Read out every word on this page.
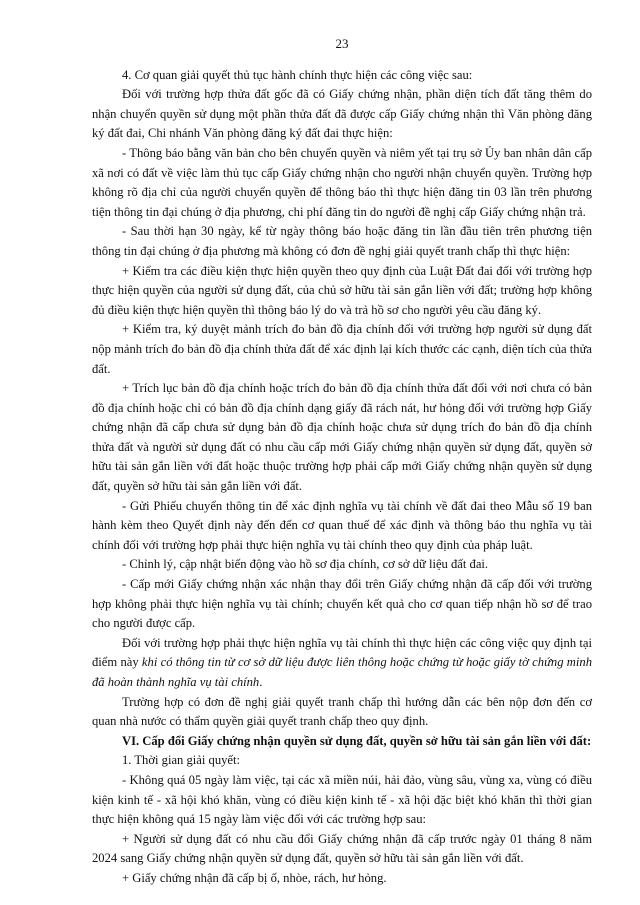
23

4. Cơ quan giải quyết thủ tục hành chính thực hiện các công việc sau:

Đối với trường hợp thửa đất gốc đã có Giấy chứng nhận, phần diện tích đất tăng thêm do nhận chuyển quyền sử dụng một phần thửa đất đã được cấp Giấy chứng nhận thì Văn phòng đăng ký đất đai, Chi nhánh Văn phòng đăng ký đất đai thực hiện:

- Thông báo bằng văn bản cho bên chuyển quyền và niêm yết tại trụ sở Ủy ban nhân dân cấp xã nơi có đất về việc làm thủ tục cấp Giấy chứng nhận cho người nhận chuyển quyền. Trường hợp không rõ địa chỉ của người chuyển quyền để thông báo thì thực hiện đăng tin 03 lần trên phương tiện thông tin đại chúng ở địa phương, chi phí đăng tin do người đề nghị cấp Giấy chứng nhận trả.

- Sau thời hạn 30 ngày, kể từ ngày thông báo hoặc đăng tin lần đầu tiên trên phương tiện thông tin đại chúng ở địa phương mà không có đơn đề nghị giải quyết tranh chấp thì thực hiện:

+ Kiểm tra các điều kiện thực hiện quyền theo quy định của Luật Đất đai đối với trường hợp thực hiện quyền của người sử dụng đất, của chủ sở hữu tài sản gắn liền với đất; trường hợp không đủ điều kiện thực hiện quyền thì thông báo lý do và trả hồ sơ cho người yêu cầu đăng ký.

+ Kiểm tra, ký duyệt mảnh trích đo bản đồ địa chính đối với trường hợp người sử dụng đất nộp mảnh trích đo bản đồ địa chính thửa đất để xác định lại kích thước các cạnh, diện tích của thửa đất.

+ Trích lục bản đồ địa chính hoặc trích đo bản đồ địa chính thửa đất đối với nơi chưa có bản đồ địa chính hoặc chỉ có bản đồ địa chính dạng giấy đã rách nát, hư hỏng đối với trường hợp Giấy chứng nhận đã cấp chưa sử dụng bản đồ địa chính hoặc chưa sử dụng trích đo bản đồ địa chính thửa đất và người sử dụng đất có nhu cầu cấp mới Giấy chứng nhận quyền sử dụng đất, quyền sở hữu tài sản gắn liền với đất hoặc thuộc trường hợp phải cấp mới Giấy chứng nhận quyền sử dụng đất, quyền sở hữu tài sản gắn liền với đất.

- Gửi Phiếu chuyển thông tin để xác định nghĩa vụ tài chính về đất đai theo Mẫu số 19 ban hành kèm theo Quyết định này đến đến cơ quan thuế để xác định và thông báo thu nghĩa vụ tài chính đối với trường hợp phải thực hiện nghĩa vụ tài chính theo quy định của pháp luật.

- Chỉnh lý, cập nhật biến động vào hồ sơ địa chính, cơ sở dữ liệu đất đai.

- Cấp mới Giấy chứng nhận xác nhận thay đổi trên Giấy chứng nhận đã cấp đối với trường hợp không phải thực hiện nghĩa vụ tài chính; chuyển kết quả cho cơ quan tiếp nhận hồ sơ để trao cho người được cấp.

Đối với trường hợp phải thực hiện nghĩa vụ tài chính thì thực hiện các công việc quy định tại điểm này khi có thông tin từ cơ sở dữ liệu được liên thông hoặc chứng từ hoặc giấy tờ chứng minh đã hoàn thành nghĩa vụ tài chính.

Trường hợp có đơn đề nghị giải quyết tranh chấp thì hướng dẫn các bên nộp đơn đến cơ quan nhà nước có thẩm quyền giải quyết tranh chấp theo quy định.

VI. Cấp đổi Giấy chứng nhận quyền sử dụng đất, quyền sở hữu tài sản gắn liền với đất:

1. Thời gian giải quyết:

- Không quá 05 ngày làm việc, tại các xã miền núi, hải đảo, vùng sâu, vùng xa, vùng có điều kiện kinh tế - xã hội khó khăn, vùng có điều kiện kinh tế - xã hội đặc biệt khó khăn thì thời gian thực hiện không quá 15 ngày làm việc đối với các trường hợp sau:

+ Người sử dụng đất có nhu cầu đổi Giấy chứng nhận đã cấp trước ngày 01 tháng 8 năm 2024 sang Giấy chứng nhận quyền sử dụng đất, quyền sở hữu tài sản gắn liền với đất.

+ Giấy chứng nhận đã cấp bị ố, nhòe, rách, hư hỏng.
